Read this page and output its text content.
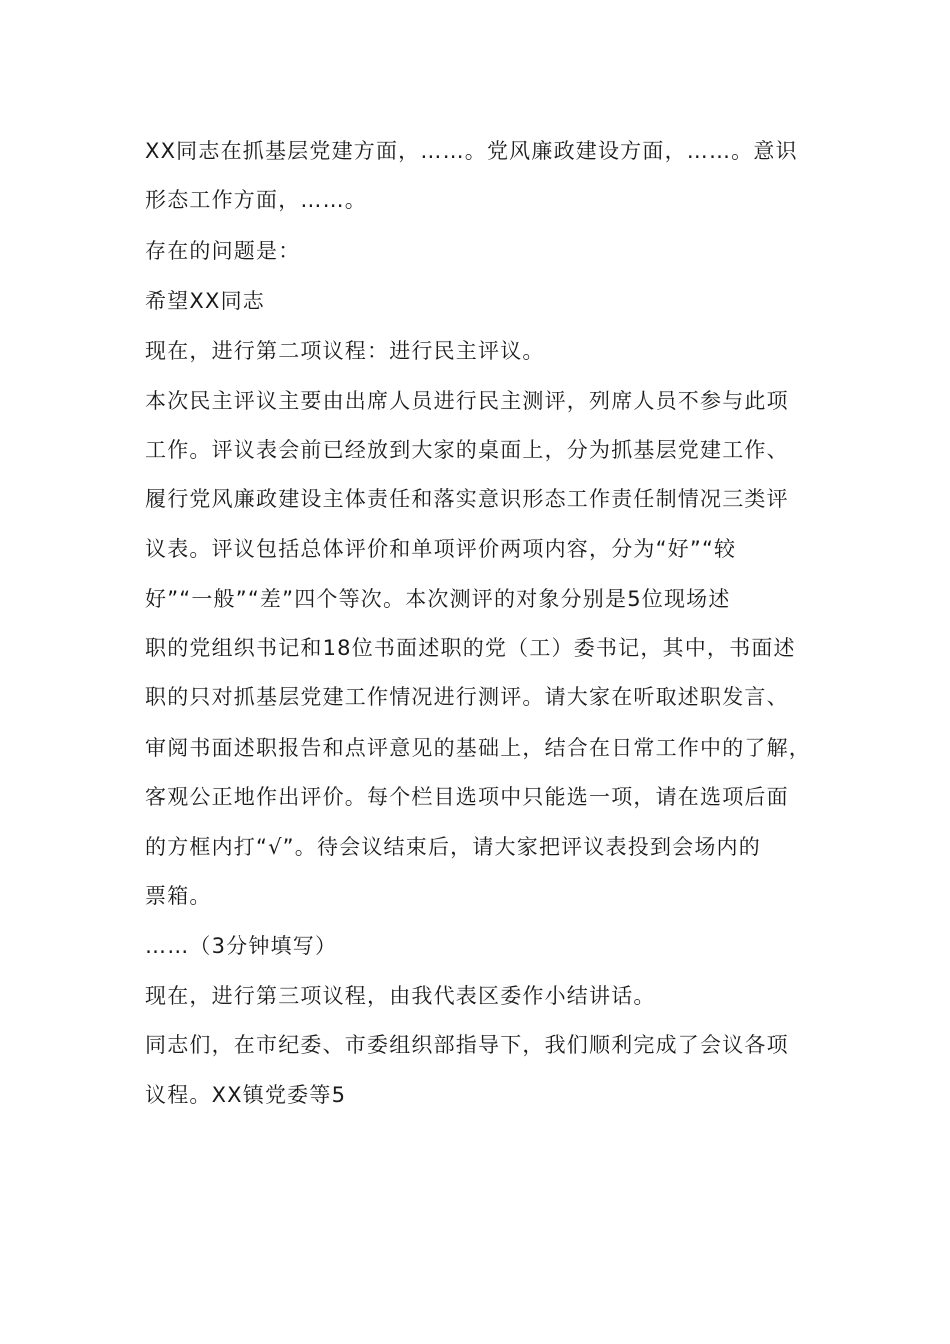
XX同志在抓基层党建方面，……。党风廉政建设方面，……。意识

形态工作方面，……。

存在的问题是：

希望XX同志

现在，进行第二项议程：进行民主评议。

本次民主评议主要由出席人员进行民主测评，列席人员不参与此项

工作。评议表会前已经放到大家的桌面上，分为抓基层党建工作、

履行党风廉政建设主体责任和落实意识形态工作责任制情况三类评

议表。评议包括总体评价和单项评价两项内容，分为“好”“较

好”“一般”“差”四个等次。本次测评的对象分别是5位现场述

职的党组织书记和18位书面述职的党（工）委书记，其中，书面述

职的只对抓基层党建工作情况进行测评。请大家在听取述职发言、

审阅书面述职报告和点评意见的基础上，结合在日常工作中的了解，

客观公正地作出评价。每个栏目选项中只能选一项，请在选项后面

的方框内打“√”。待会议结束后，请大家把评议表投到会场内的

票箱。

……（3分钟填写）

现在，进行第三项议程，由我代表区委作小结讲话。

同志们，在市纪委、市委组织部指导下，我们顺利完成了会议各项

议程。XX镇党委等5
